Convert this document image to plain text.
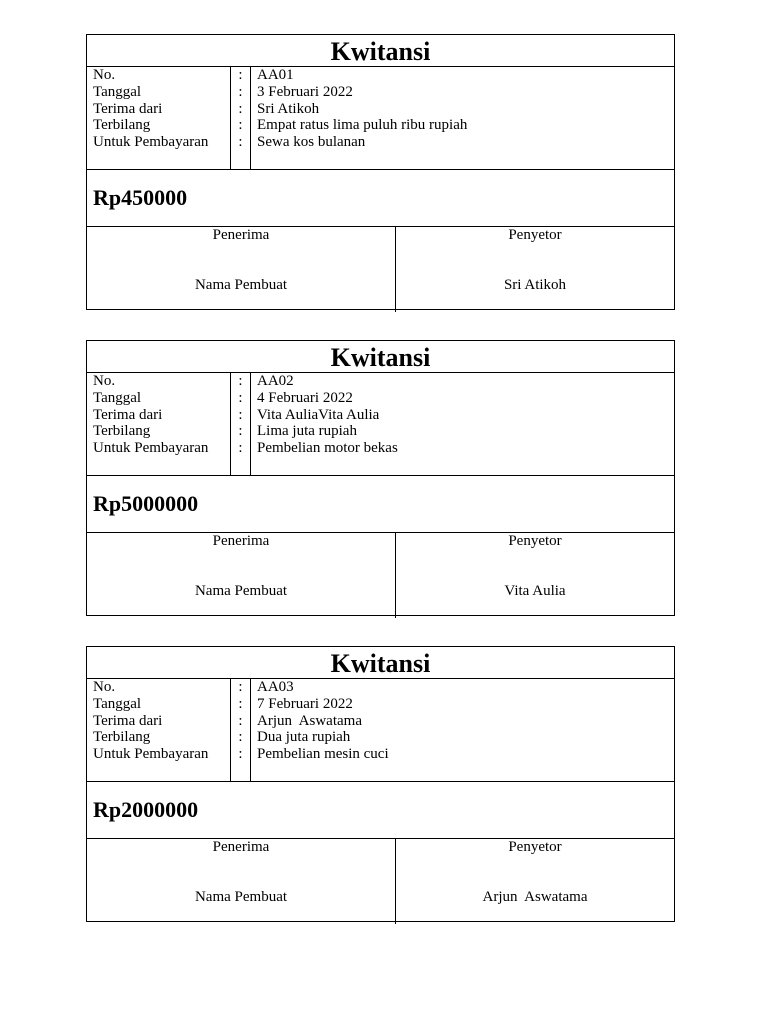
Kwitansi
No.
Tanggal
Terima dari
Terbilang
Untuk Pembayaran
:
:
:
:
:
AA01
3 Februari 2022
Sri Atikoh
Empat ratus lima puluh ribu rupiah
Sewa kos bulanan
Rp450000
Penerima
Nama Pembuat
Penyetor
Sri Atikoh
Kwitansi
No.
Tanggal
Terima dari
Terbilang
Untuk Pembayaran
:
:
:
:
:
AA02
4 Februari 2022
Vita AuliaVita Aulia
Lima juta rupiah
Pembelian motor bekas
Rp5000000
Penerima
Nama Pembuat
Penyetor
Vita Aulia
Kwitansi
No.
Tanggal
Terima dari
Terbilang
Untuk Pembayaran
:
:
:
:
:
AA03
7 Februari 2022
Arjun  Aswatama
Dua juta rupiah
Pembelian mesin cuci
Rp2000000
Penerima
Nama Pembuat
Penyetor
Arjun  Aswatama
